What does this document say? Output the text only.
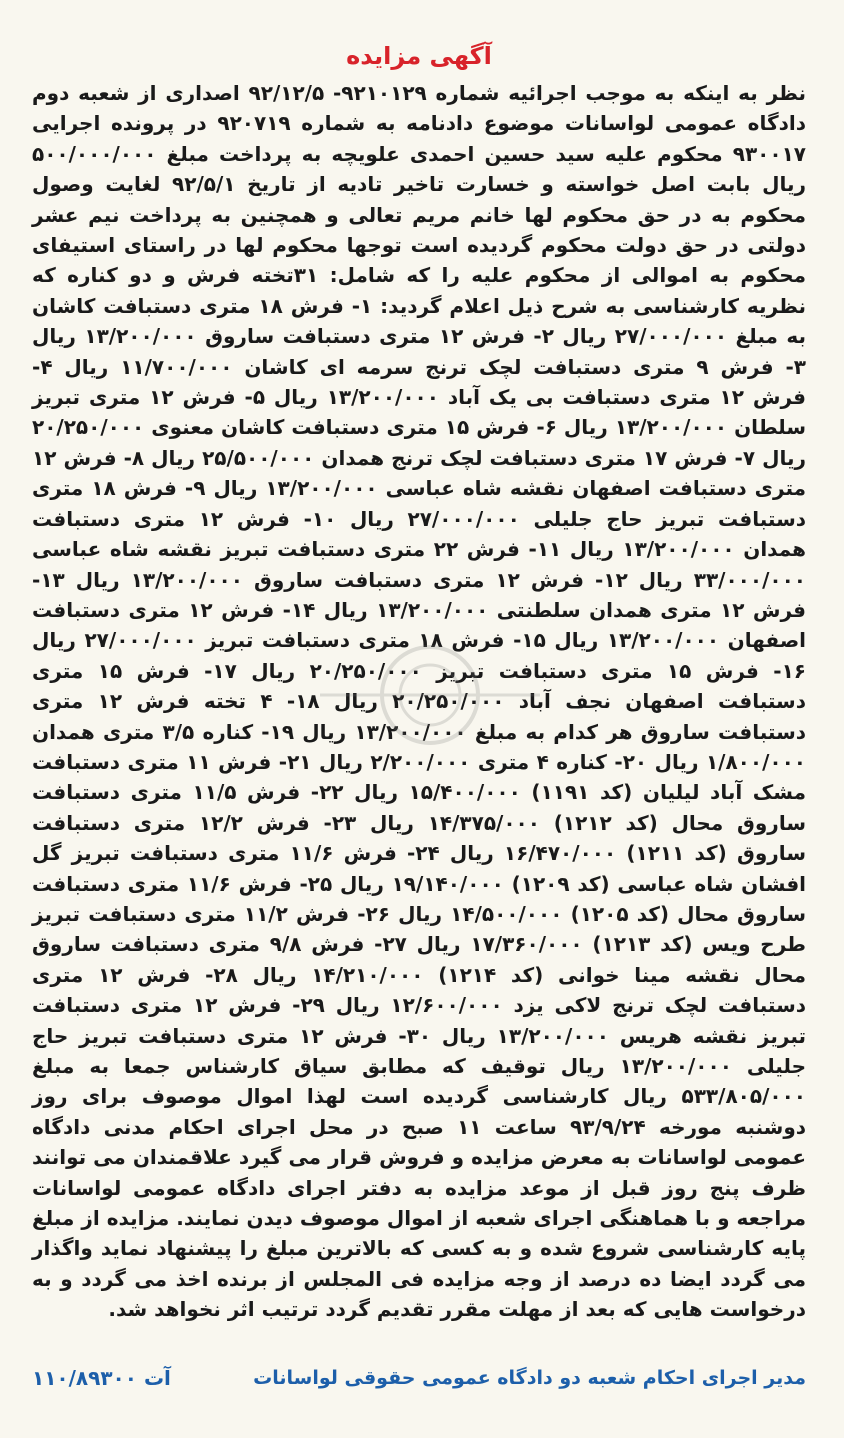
آگهی مزایده
نظر به اینکه به موجب اجرائیه شماره ۹۲۱۰۱۲۹- ۹۲/۱۲/۵ اصداری از شعبه دوم دادگاه عمومی لواسانات موضوع دادنامه به شماره ۹۲۰۷۱۹ در پرونده اجرایی ۹۳۰۰۱۷ محکوم علیه سید حسین احمدی علویچه به پرداخت مبلغ ۵۰۰/۰۰۰/۰۰۰ ریال بابت اصل خواسته و خسارت تاخیر تادیه از تاریخ ۹۲/۵/۱ لغایت وصول محکوم به در حق محکوم لها خانم مریم تعالی و همچنین به پرداخت نیم عشر دولتی در حق دولت محکوم گردیده است توجها محکوم لها در راستای استیفای محکوم به اموالی از محکوم علیه را که شامل: ۳۱تخته فرش و دو کناره که نظریه کارشناسی به شرح ذیل اعلام گردید: ۱- فرش ۱۸ متری دستبافت کاشان به مبلغ ۲۷/۰۰۰/۰۰۰ ریال ۲- فرش ۱۲ متری دستبافت ساروق ۱۳/۲۰۰/۰۰۰ ریال ۳- فرش ۹ متری دستبافت لچک ترنج سرمه ای کاشان ۱۱/۷۰۰/۰۰۰ ریال ۴- فرش ۱۲ متری دستبافت بی یک آباد ۱۳/۲۰۰/۰۰۰ ریال ۵- فرش ۱۲ متری تبریز سلطان ۱۳/۲۰۰/۰۰۰ ریال ۶- فرش ۱۵ متری دستبافت کاشان معنوی ۲۰/۲۵۰/۰۰۰ ریال ۷- فرش ۱۷ متری دستبافت لچک ترنج همدان ۲۵/۵۰۰/۰۰۰ ریال ۸- فرش ۱۲ متری دستبافت اصفهان نقشه شاه عباسی ۱۳/۲۰۰/۰۰۰ ریال ۹- فرش ۱۸ متری دستبافت تبریز حاج جلیلی ۲۷/۰۰۰/۰۰۰ ریال ۱۰- فرش ۱۲ متری دستبافت همدان ۱۳/۲۰۰/۰۰۰ ریال ۱۱- فرش ۲۲ متری دستبافت تبریز نقشه شاه عباسی ۳۳/۰۰۰/۰۰۰ ریال ۱۲- فرش ۱۲ متری دستبافت ساروق ۱۳/۲۰۰/۰۰۰ ریال ۱۳- فرش ۱۲ متری همدان سلطنتی ۱۳/۲۰۰/۰۰۰ ریال ۱۴- فرش ۱۲ متری دستبافت اصفهان ۱۳/۲۰۰/۰۰۰ ریال ۱۵- فرش ۱۸ متری دستبافت تبریز ۲۷/۰۰۰/۰۰۰ ریال ۱۶- فرش ۱۵ متری دستبافت تبریز ۲۰/۲۵۰/۰۰۰ ریال ۱۷- فرش ۱۵ متری دستبافت اصفهان نجف آباد ۲۰/۲۵۰/۰۰۰ ریال ۱۸- ۴ تخته فرش ۱۲ متری دستبافت ساروق هر کدام به مبلغ ۱۳/۲۰۰/۰۰۰ ریال ۱۹- کناره ۳/۵ متری همدان ۱/۸۰۰/۰۰۰ ریال ۲۰- کناره ۴ متری ۲/۲۰۰/۰۰۰ ریال ۲۱- فرش ۱۱ متری دستبافت مشک آباد لیلیان (کد ۱۱۹۱) ۱۵/۴۰۰/۰۰۰ ریال ۲۲- فرش ۱۱/۵ متری دستبافت ساروق محال (کد ۱۲۱۲) ۱۴/۳۷۵/۰۰۰ ریال ۲۳- فرش ۱۲/۲ متری دستبافت ساروق (کد ۱۲۱۱) ۱۶/۴۷۰/۰۰۰ ریال ۲۴- فرش ۱۱/۶ متری دستبافت تبریز گل افشان شاه عباسی (کد ۱۲۰۹) ۱۹/۱۴۰/۰۰۰ ریال ۲۵- فرش ۱۱/۶ متری دستبافت ساروق محال (کد ۱۲۰۵) ۱۴/۵۰۰/۰۰۰ ریال ۲۶- فرش ۱۱/۲ متری دستبافت تبریز طرح ویس (کد ۱۲۱۳) ۱۷/۳۶۰/۰۰۰ ریال ۲۷- فرش ۹/۸ متری دستبافت ساروق محال نقشه مینا خوانی (کد ۱۲۱۴) ۱۴/۲۱۰/۰۰۰ ریال ۲۸- فرش ۱۲ متری دستبافت لچک ترنج لاکی یزد ۱۲/۶۰۰/۰۰۰ ریال ۲۹- فرش ۱۲ متری دستبافت تبریز نقشه هریس ۱۳/۲۰۰/۰۰۰ ریال ۳۰- فرش ۱۲ متری دستبافت تبریز حاج جلیلی ۱۳/۲۰۰/۰۰۰ ریال توقیف که مطابق سیاق کارشناس جمعا به مبلغ ۵۳۳/۸۰۵/۰۰۰ ریال کارشناسی گردیده است لهذا اموال موصوف برای روز دوشنبه مورخه ۹۳/۹/۲۴ ساعت ۱۱ صبح در محل اجرای احکام مدنی دادگاه عمومی لواسانات به معرض مزایده و فروش قرار می گیرد علاقمندان می توانند ظرف پنج روز قبل از موعد مزایده به دفتر اجرای دادگاه عمومی لواسانات مراجعه و با هماهنگی اجرای شعبه از اموال موصوف دیدن نمایند. مزایده از مبلغ پایه کارشناسی شروع شده و به کسی که بالاترین مبلغ را پیشنهاد نماید واگذار می گردد ایضا ده درصد از وجه مزایده فی المجلس از برنده اخذ می گردد و به درخواست هایی که بعد از مهلت مقرر تقدیم گردد ترتیب اثر نخواهد شد.
مدیر اجرای احکام شعبه دو دادگاه عمومی حقوقی لواسانات
۱۱۰/۸۹۳۰۰ آت
